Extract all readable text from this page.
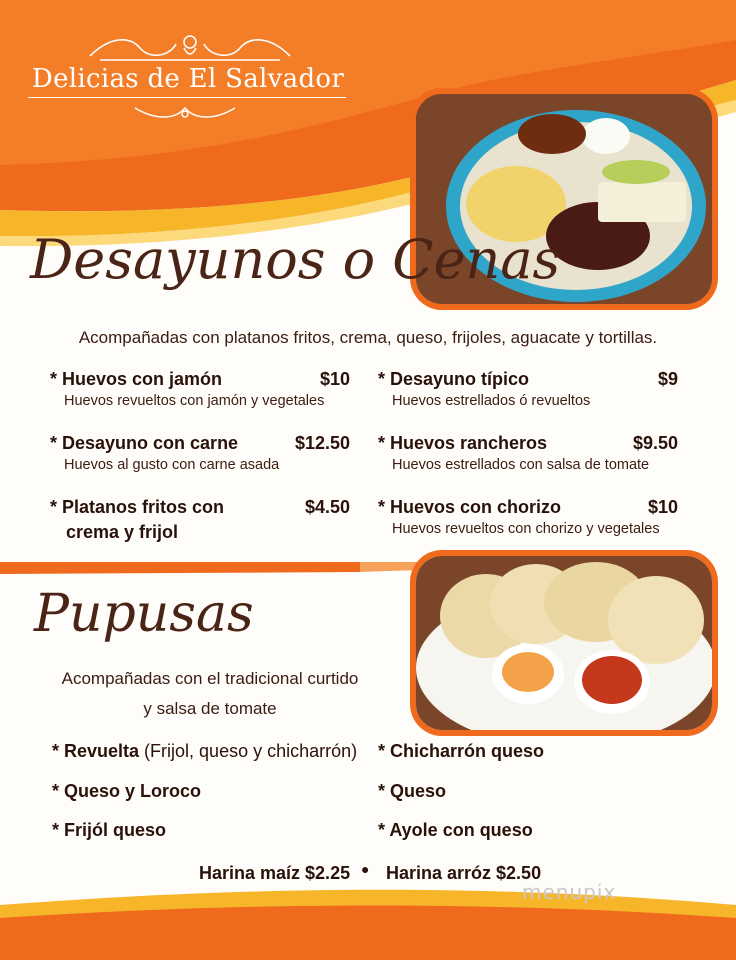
Delicias de El Salvador
Desayunos o Cenas
Acompañadas con platanos fritos, crema, queso, frijoles, aguacate y tortillas.
* Huevos con jamón	$10
Huevos revueltos con jamón y vegetales
* Desayuno típico	$9
Huevos estrellados ó revueltos
* Desayuno con carne	$12.50
Huevos al gusto con carne asada
* Huevos rancheros	$9.50
Huevos estrellados con salsa de tomate
* Platanos fritos con	$4.50
crema y frijol
* Huevos con chorizo	$10
Huevos revueltos con chorizo y vegetales
Pupusas
Acompañadas con el tradicional curtido
y salsa de tomate
* Revuelta (Frijol, queso y chicharrón) * Chicharrón queso
* Queso y Loroco	* Queso
* Frijól queso	* Ayole con queso
Harina maíz $2.25 ● Harina arróz $2.50
menupix
